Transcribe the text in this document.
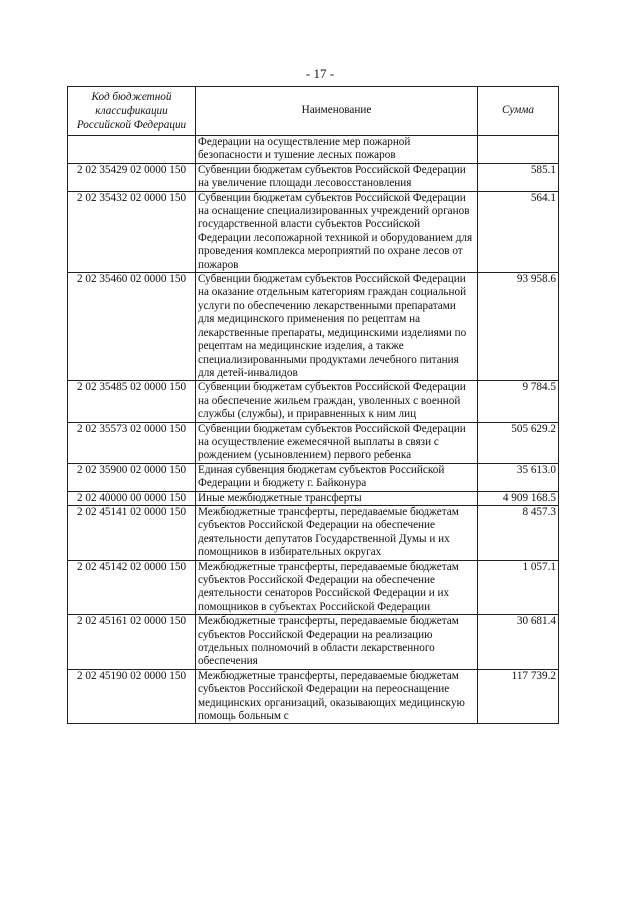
- 17 -
Код бюджетной классификации Российской Федерации	Наименование	Сумма
	Федерации на осуществление мер пожарной безопасности и тушение лесных пожаров	
2 02 35429 02 0000 150	Субвенции бюджетам субъектов Российской Федерации на увеличение площади лесовосстановления	585.1
2 02 35432 02 0000 150	Субвенции бюджетам субъектов Российской Федерации на оснащение специализированных учреждений органов государственной власти субъектов Российской Федерации лесопожарной техникой и оборудованием для проведения комплекса мероприятий по охране лесов от пожаров	564.1
2 02 35460 02 0000 150	Субвенции бюджетам субъектов Российской Федерации на оказание отдельным категориям граждан социальной услуги по обеспечению лекарственными препаратами для медицинского применения по рецептам на лекарственные препараты, медицинскими изделиями по рецептам на медицинские изделия, а также специализированными продуктами лечебного питания для детей-инвалидов	93 958.6
2 02 35485 02 0000 150	Субвенции бюджетам субъектов Российской Федерации на обеспечение жильем граждан, уволенных с военной службы (службы), и приравненных к ним лиц	9 784.5
2 02 35573 02 0000 150	Субвенции бюджетам субъектов Российской Федерации на осуществление ежемесячной выплаты в связи с рождением (усыновлением) первого ребенка	505 629.2
2 02 35900 02 0000 150	Единая субвенция бюджетам субъектов Российской Федерации и бюджету г. Байконура	35 613.0
2 02 40000 00 0000 150	Иные межбюджетные трансферты	4 909 168.5
2 02 45141 02 0000 150	Межбюджетные трансферты, передаваемые бюджетам субъектов Российской Федерации на обеспечение деятельности депутатов Государственной Думы и их помощников в избирательных округах	8 457.3
2 02 45142 02 0000 150	Межбюджетные трансферты, передаваемые бюджетам субъектов Российской Федерации на обеспечение деятельности сенаторов Российской Федерации и их помощников в субъектах Российской Федерации	1 057.1
2 02 45161 02 0000 150	Межбюджетные трансферты, передаваемые бюджетам субъектов Российской Федерации на реализацию отдельных полномочий в области лекарственного обеспечения	30 681.4
2 02 45190 02 0000 150	Межбюджетные трансферты, передаваемые бюджетам субъектов Российской Федерации на переоснащение медицинских организаций, оказывающих медицинскую помощь больным с	117 739.2
